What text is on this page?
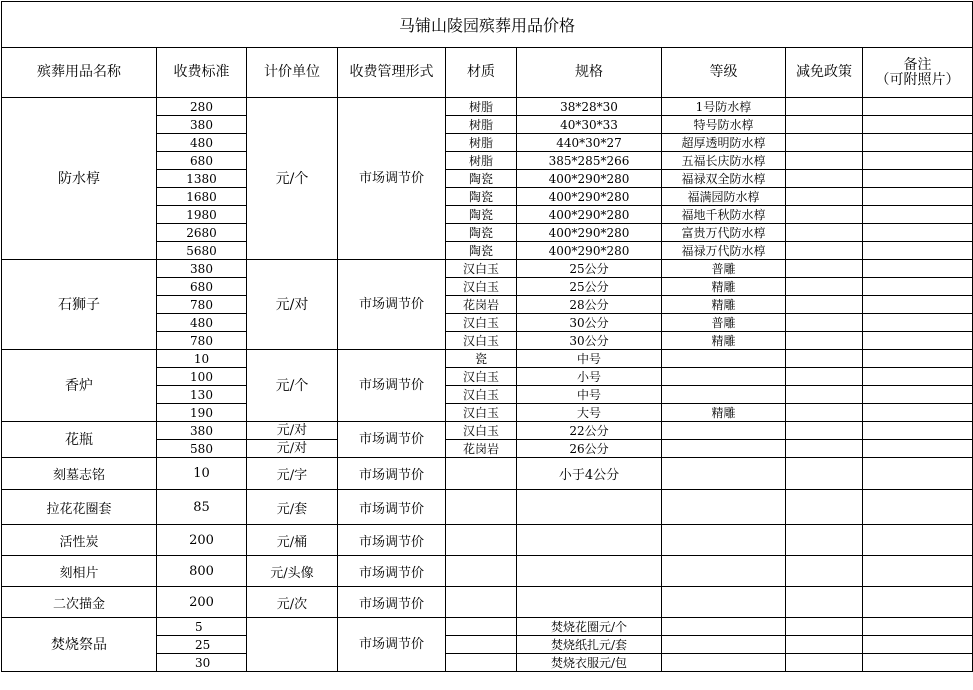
马铺山陵园殡葬用品价格								
殡葬用品名称	收费标准	计价单位	收费管理形式	材质	规格	等级	减免政策	备注
（可附照片）
防水椁	280	元/个	市场调节价	树脂	38*28*30	1号防水椁		
	380			树脂	40*30*33	特号防水椁		
	480			树脂	440*30*27	超厚透明防水椁		
	680			树脂	385*285*266	五福长庆防水椁		
	1380			陶瓷	400*290*280	福禄双全防水椁		
	1680			陶瓷	400*290*280	福满园防水椁		
	1980			陶瓷	400*290*280	福地千秋防水椁		
	2680			陶瓷	400*290*280	富贵万代防水椁		
	5680			陶瓷	400*290*280	福禄万代防水椁		
石狮子	380	元/对	市场调节价	汉白玉	25公分	普雕		
	680			汉白玉	25公分	精雕		
	780			花岗岩	28公分	精雕		
	480			汉白玉	30公分	普雕		
	780			汉白玉	30公分	精雕		
香炉	10	元/个	市场调节价	瓷	中号			
	100			汉白玉	小号			
	130			汉白玉	中号			
	190			汉白玉	大号	精雕		
花瓶	380	元/对	市场调节价	汉白玉	22公分			
	580	元/对		花岗岩	26公分			
刻墓志铭	10	元/字	市场调节价		小于4公分			
拉花花圈套	85	元/套	市场调节价					
活性炭	200	元/桶	市场调节价					
刻相片	800	元/头像	市场调节价					
二次描金	200	元/次	市场调节价					
焚烧祭品	5		市场调节价		焚烧花圈元/个			
	25				焚烧纸扎元/套			
	30				焚烧衣服元/包			
